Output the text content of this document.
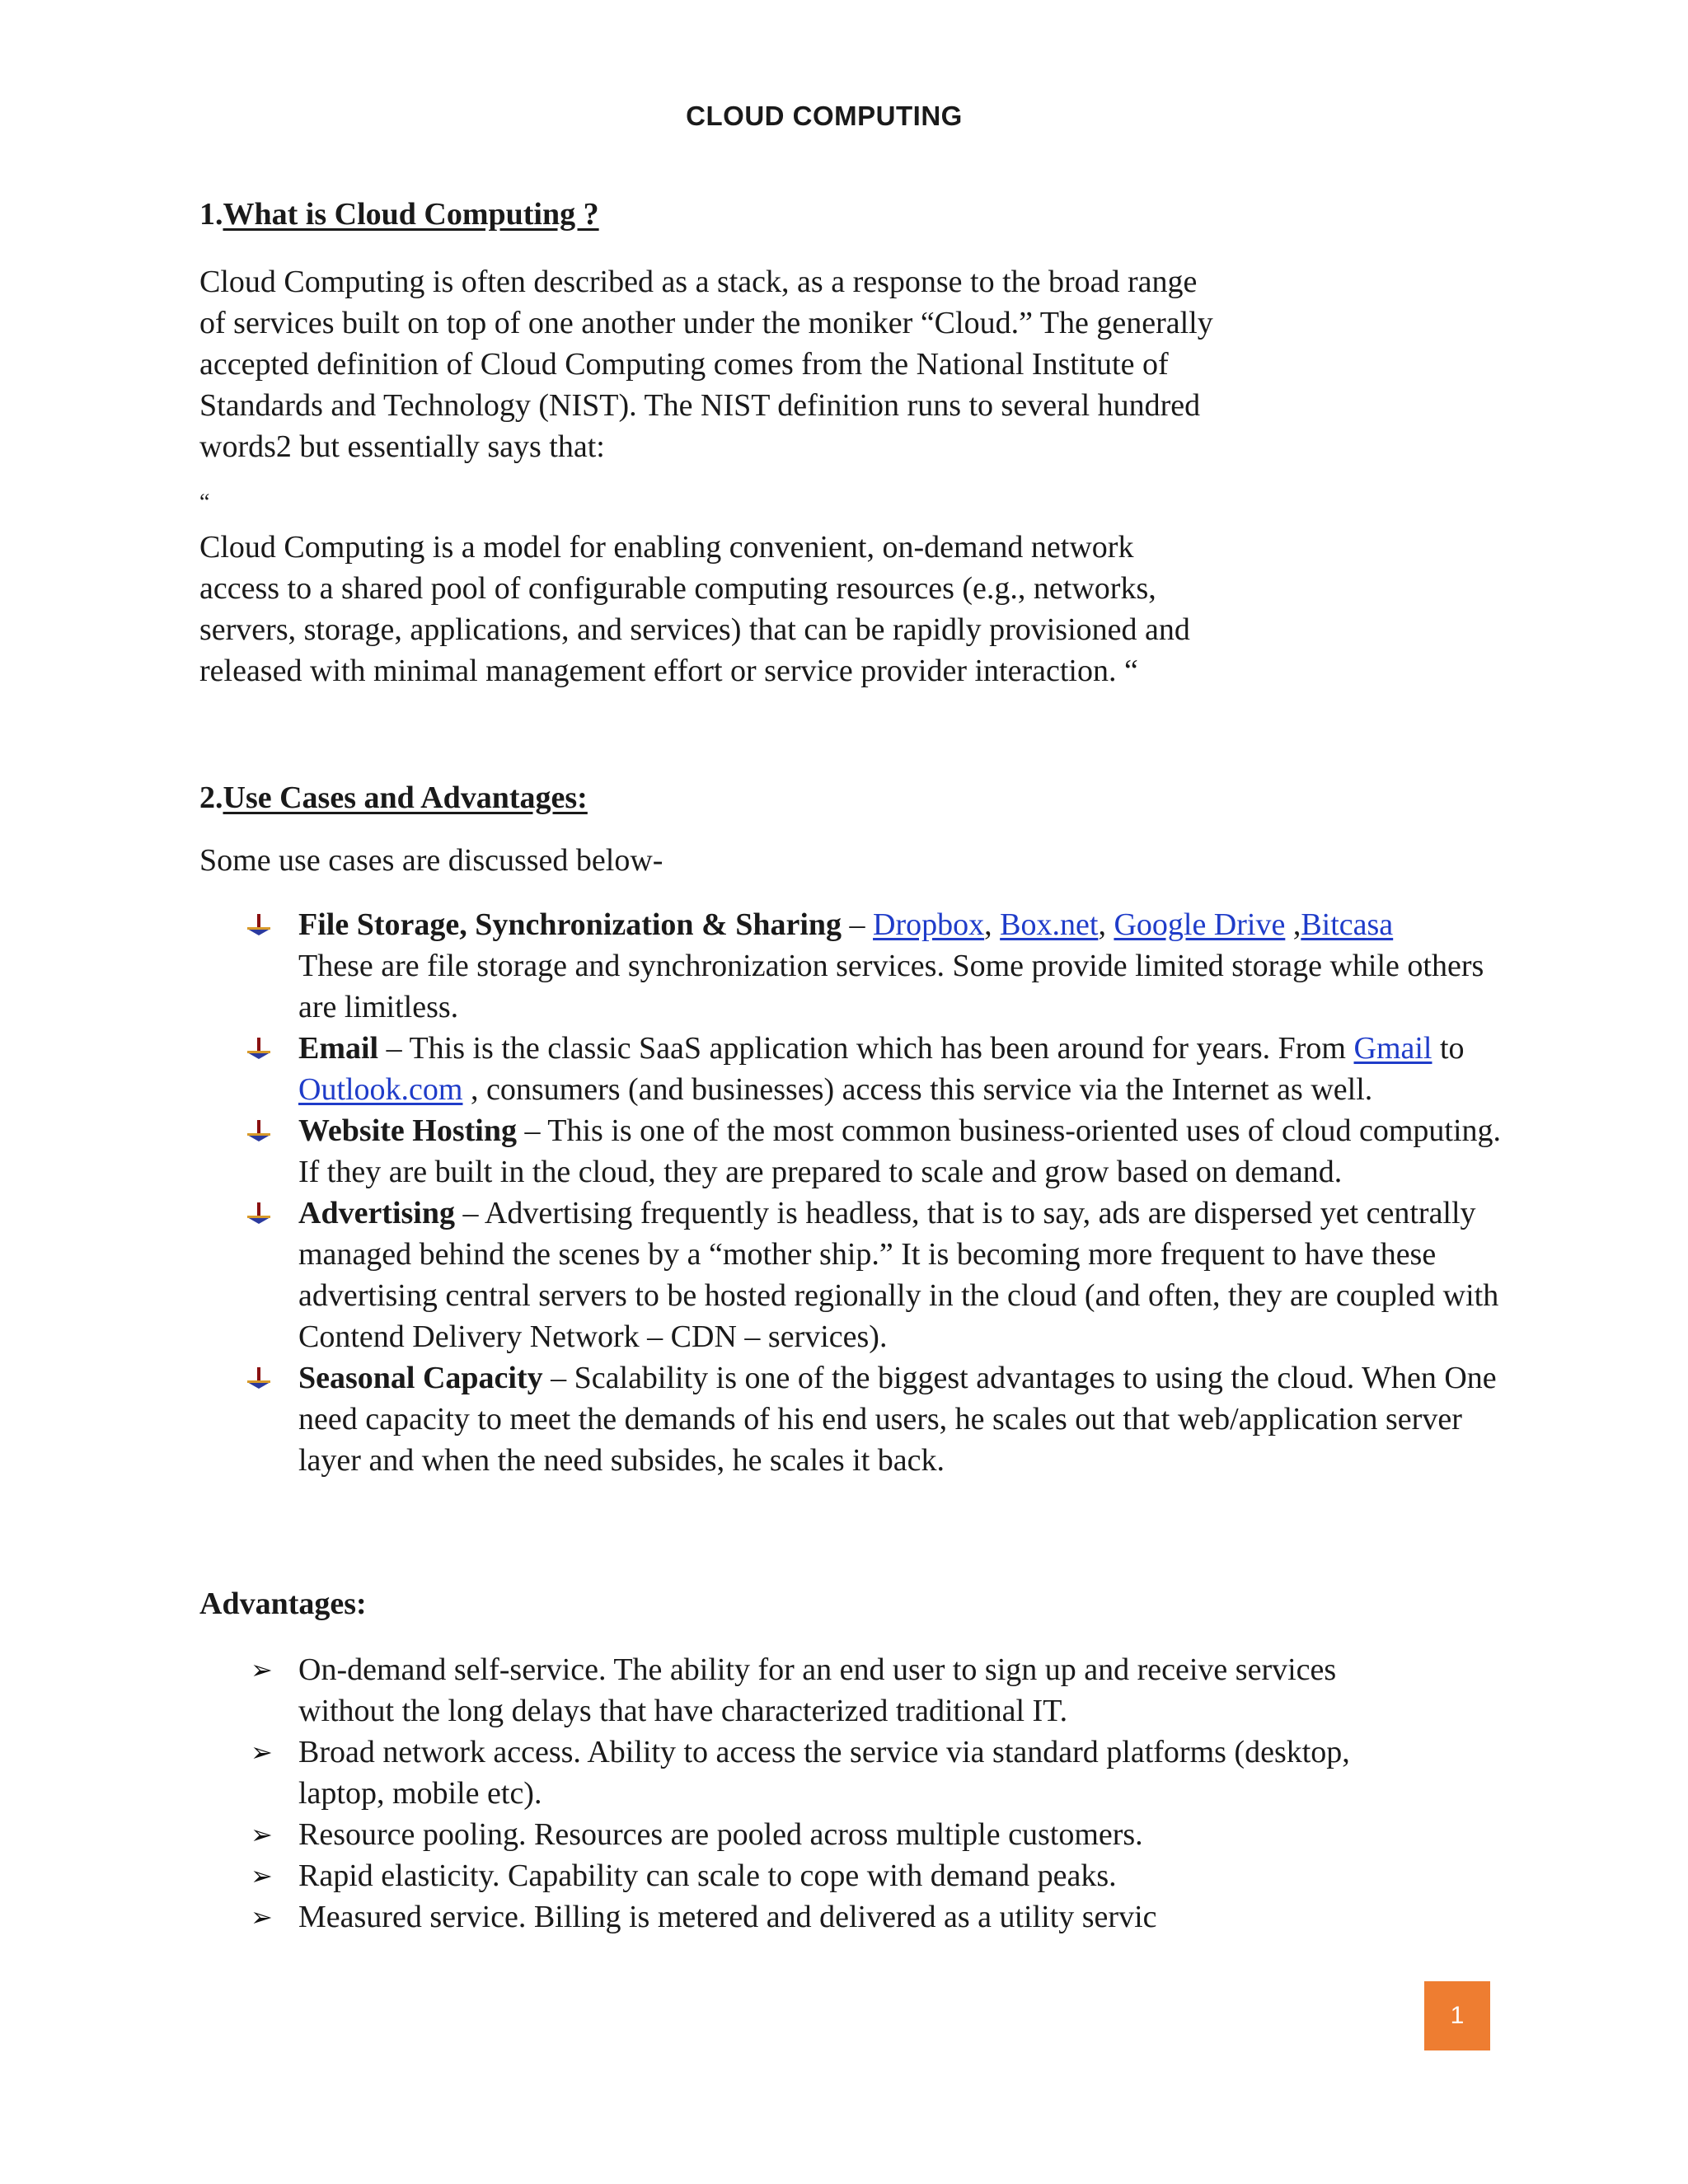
CLOUD COMPUTING
1.What is Cloud Computing ?
Cloud Computing is often described as a stack, as a response to the broad range
of services built on top of one another under the moniker “Cloud.” The generally
accepted definition of Cloud Computing comes from the National Institute of
Standards and Technology (NIST). The NIST definition runs to several hundred
words2 but essentially says that:
“
Cloud Computing is a model for enabling convenient, on-demand network
access to a shared pool of configurable computing resources (e.g., networks,
servers, storage, applications, and services) that can be rapidly provisioned and
released with minimal management effort or service provider interaction. “
2.Use Cases and Advantages:
Some use cases are discussed below-
File Storage, Synchronization & Sharing – Dropbox, Box.net, Google Drive ,Bitcasa
These are file storage and synchronization services. Some provide limited storage while others are limitless.
Email – This is the classic SaaS application which has been around for years. From Gmail to Outlook.com , consumers (and businesses) access this service via the Internet as well.
Website Hosting – This is one of the most common business-oriented uses of cloud computing. If they are built in the cloud, they are prepared to scale and grow based on demand.
Advertising – Advertising frequently is headless, that is to say, ads are dispersed yet centrally managed behind the scenes by a “mother ship.” It is becoming more frequent to have these advertising central servers to be hosted regionally in the cloud (and often, they are coupled with Contend Delivery Network – CDN – services).
Seasonal Capacity – Scalability is one of the biggest advantages to using the cloud. When One need capacity to meet the demands of his end users, he scales out that web/application server layer and when the need subsides, he scales it back.
Advantages:
➢ On-demand self-service. The ability for an end user to sign up and receive services without the long delays that have characterized traditional IT.
➢ Broad network access. Ability to access the service via standard platforms (desktop, laptop, mobile etc).
➢ Resource pooling. Resources are pooled across multiple customers.
➢ Rapid elasticity. Capability can scale to cope with demand peaks.
➢ Measured service. Billing is metered and delivered as a utility servic
1
